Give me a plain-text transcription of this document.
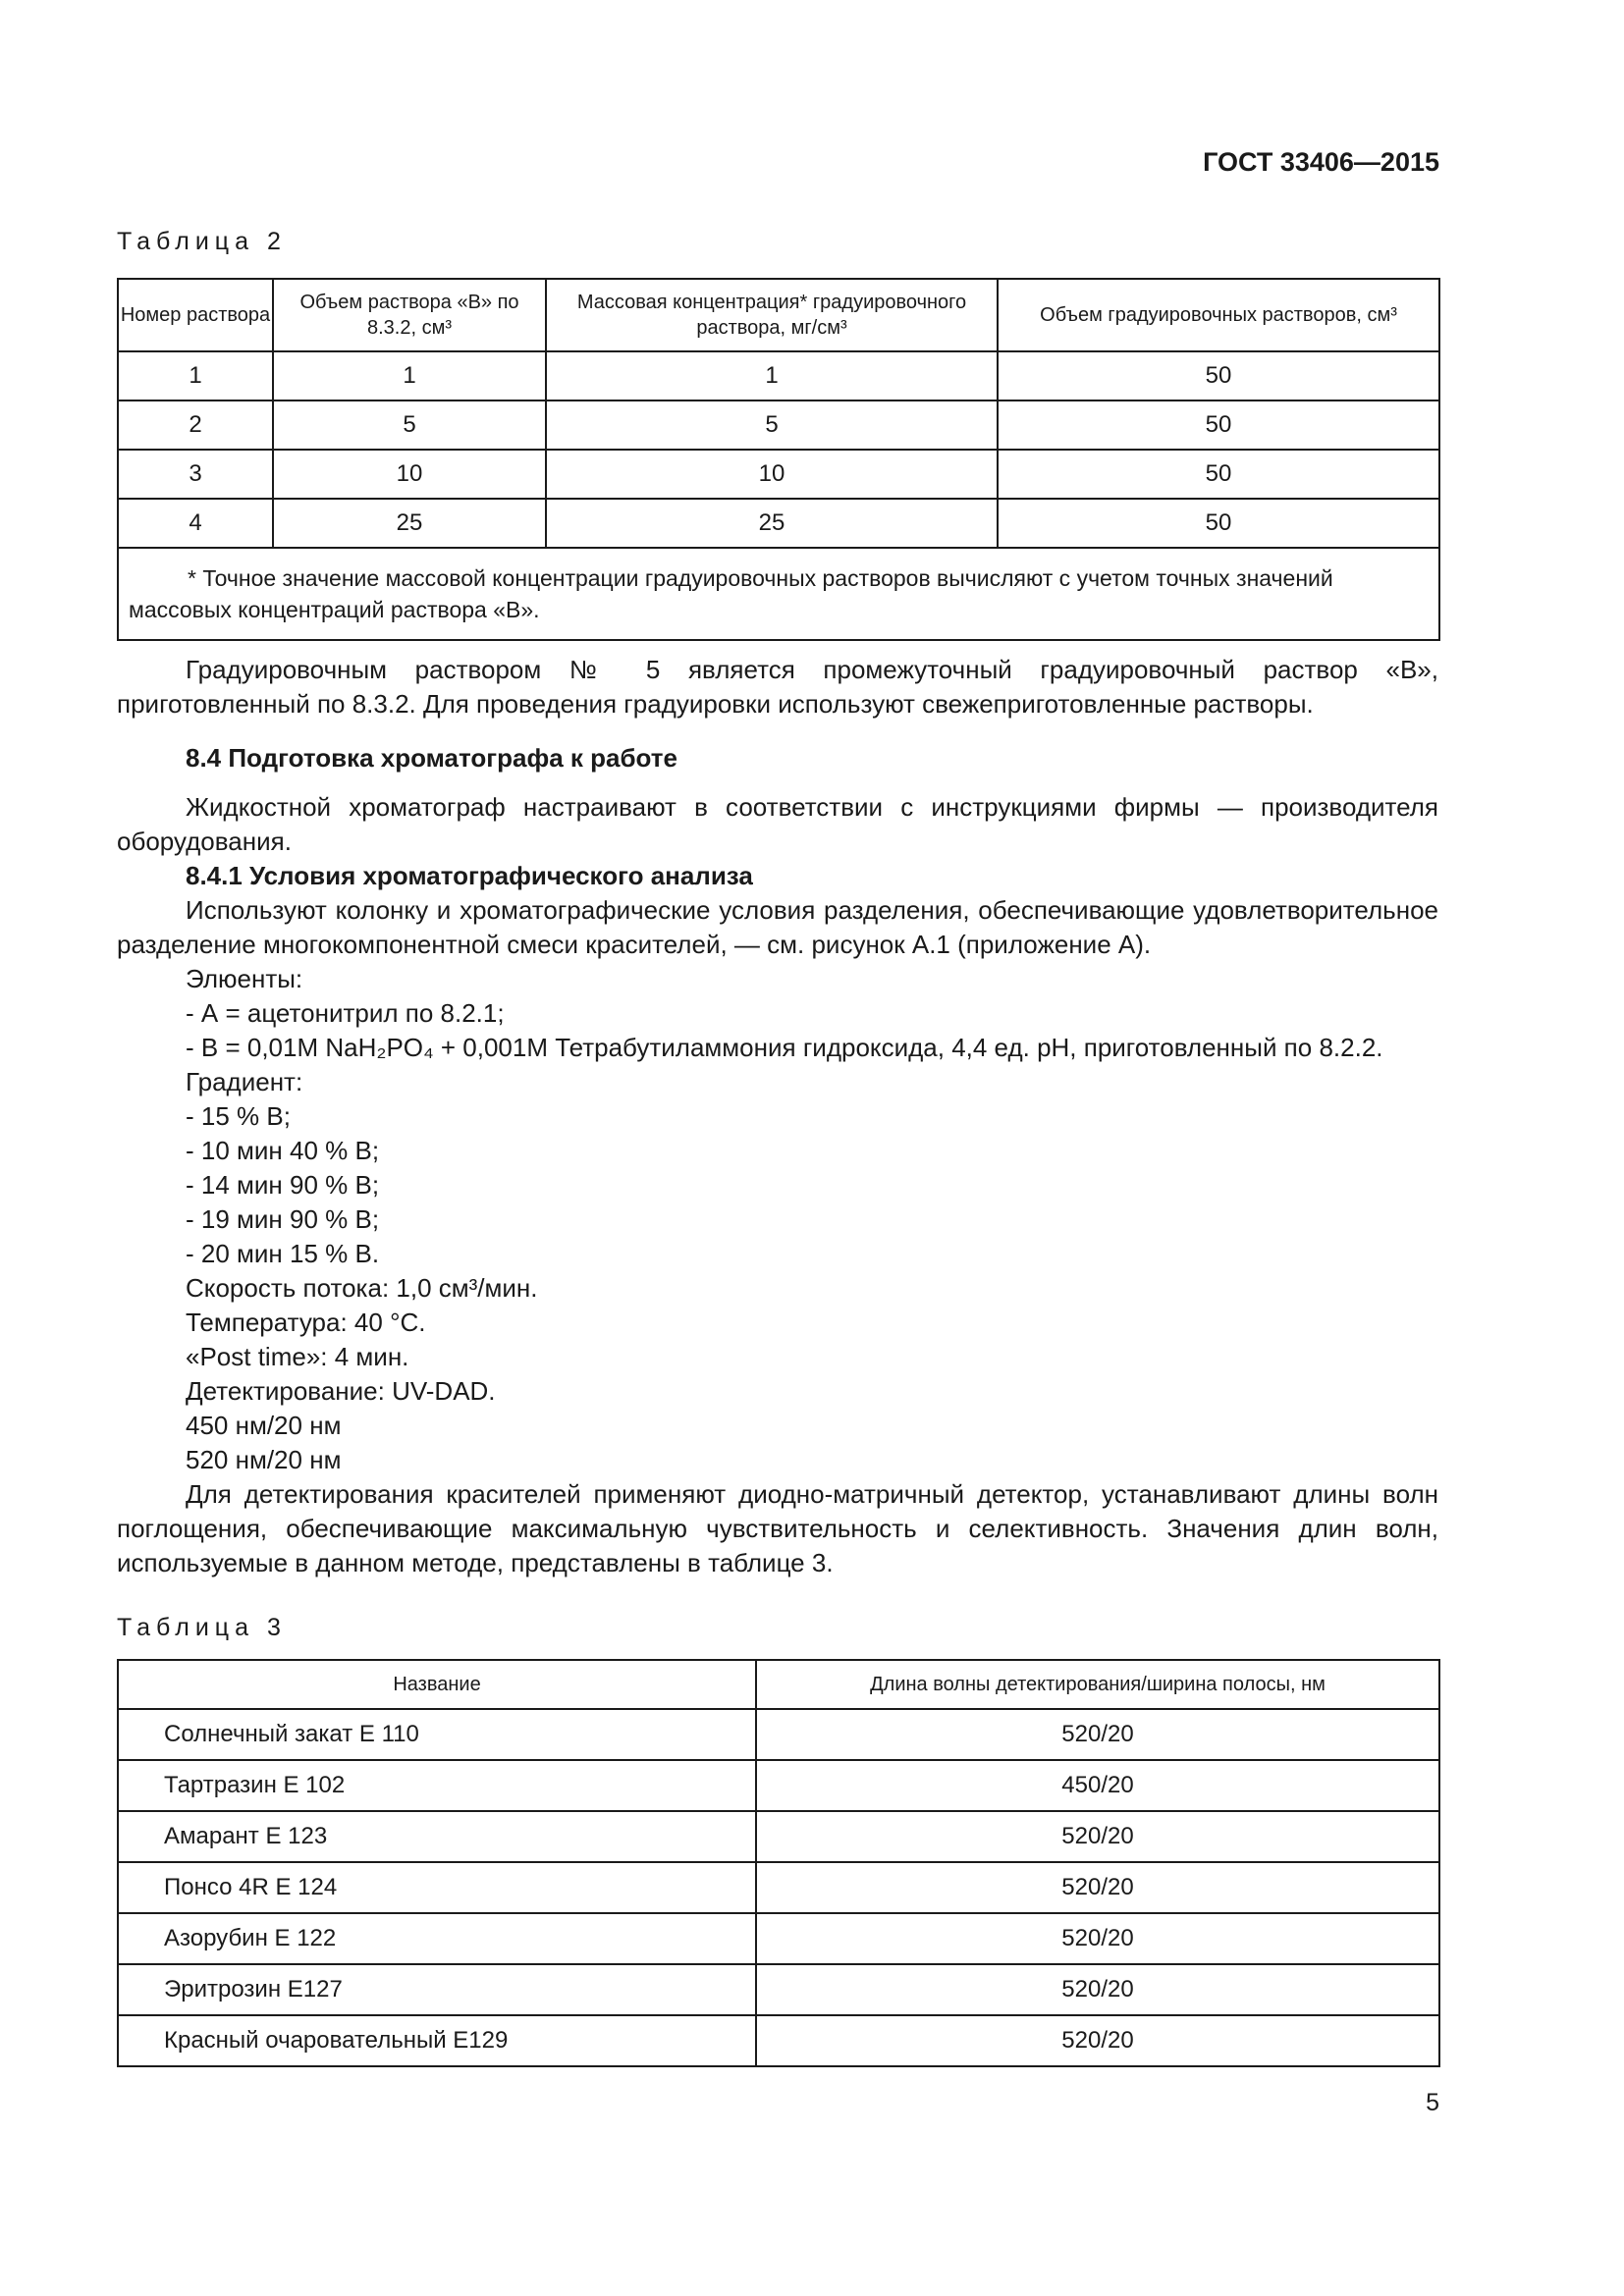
ГОСТ 33406—2015
Таблица 2
Номер раствора	Объем раствора «В» по 8.3.2, см³	Массовая концентрация* градуировочного раствора, мг/см³	Объем градуировочных растворов, см³
1	1	1	50
2	5	5	50
3	10	10	50
4	25	25	50
* Точное значение массовой концентрации градуировочных растворов вычисляют с учетом точных значений массовых концентраций раствора «В».			

Градуировочным раствором № 5 является промежуточный градуировочный раствор «В», приготовленный по 8.3.2. Для проведения градуировки используют свежеприготовленные растворы.

8.4 Подготовка хроматографа к работе

Жидкостной хроматограф настраивают в соответствии с инструкциями фирмы — производителя оборудования.

8.4.1 Условия хроматографического анализа

Используют колонку и хроматографические условия разделения, обеспечивающие удовлетворительное разделение многокомпонентной смеси красителей, — см. рисунок А.1 (приложение А).

Элюенты:

- А = ацетонитрил по 8.2.1;

- В = 0,01М NaH₂PO₄ + 0,001М Тетрабутиламмония гидроксида, 4,4 ед. pH, приготовленный по 8.2.2.

Градиент:

- 15 % В;

- 10 мин 40 % В;

- 14 мин 90 % В;

- 19 мин 90 % В;

- 20 мин 15 % В.

Скорость потока: 1,0 см³/мин.

Температура: 40 °С.

«Post time»: 4 мин.

Детектирование: UV-DAD.

450 нм/20 нм

520 нм/20 нм

Для детектирования красителей применяют диодно-матричный детектор, устанавливают длины волн поглощения, обеспечивающие максимальную чувствительность и селективность. Значения длин волн, используемые в данном методе, представлены в таблице 3.

Таблица 3
Название	Длина волны детектирования/ширина полосы, нм
Солнечный закат Е 110	520/20
Тартразин Е 102	450/20
Амарант Е 123	520/20
Понсо 4R Е 124	520/20
Азорубин Е 122	520/20
Эритрозин Е127	520/20
Красный очаровательный Е129	520/20
5
